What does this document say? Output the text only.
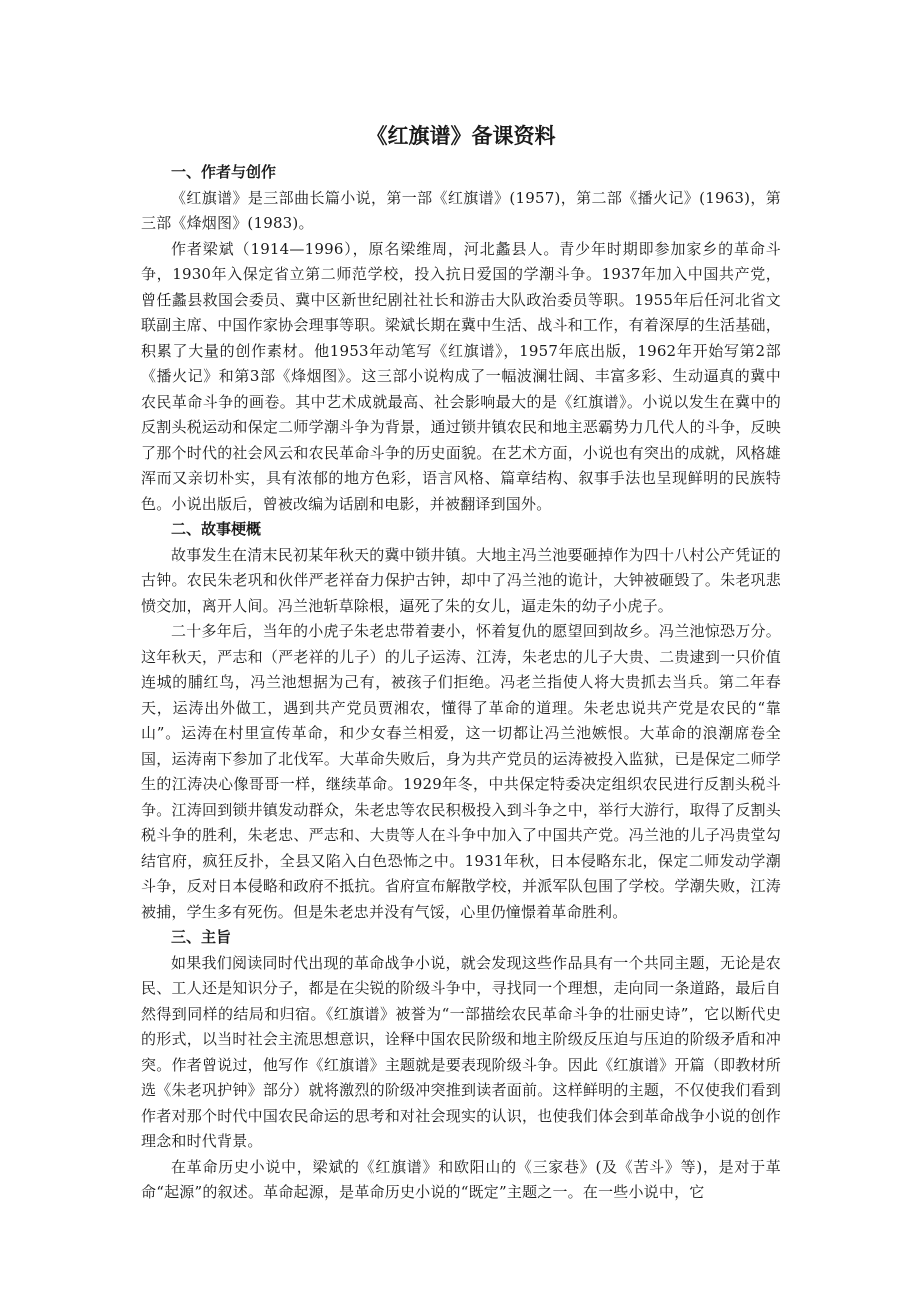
《红旗谱》备课资料
一、作者与创作

《红旗谱》是三部曲长篇小说，第一部《红旗谱》(1957)，第二部《播火记》(1963)，第三部《烽烟图》(1983)。

作者梁斌（1914—1996），原名梁维周，河北蠡县人。青少年时期即参加家乡的革命斗争，1930年入保定省立第二师范学校，投入抗日爱国的学潮斗争。1937年加入中国共产党，曾任蠡县救国会委员、冀中区新世纪剧社社长和游击大队政治委员等职。1955年后任河北省文联副主席、中国作家协会理事等职。梁斌长期在冀中生活、战斗和工作，有着深厚的生活基础，积累了大量的创作素材。他1953年动笔写《红旗谱》，1957年底出版，1962年开始写第2部《播火记》和第3部《烽烟图》。这三部小说构成了一幅波澜壮阔、丰富多彩、生动逼真的冀中农民革命斗争的画卷。其中艺术成就最高、社会影响最大的是《红旗谱》。小说以发生在冀中的反割头税运动和保定二师学潮斗争为背景，通过锁井镇农民和地主恶霸势力几代人的斗争，反映了那个时代的社会风云和农民革命斗争的历史面貌。在艺术方面，小说也有突出的成就，风格雄浑而又亲切朴实，具有浓郁的地方色彩，语言风格、篇章结构、叙事手法也呈现鲜明的民族特色。小说出版后，曾被改编为话剧和电影，并被翻译到国外。

二、故事梗概

故事发生在清末民初某年秋天的冀中锁井镇。大地主冯兰池要砸掉作为四十八村公产凭证的古钟。农民朱老巩和伙伴严老祥奋力保护古钟，却中了冯兰池的诡计，大钟被砸毁了。朱老巩悲愤交加，离开人间。冯兰池斩草除根，逼死了朱的女儿，逼走朱的幼子小虎子。

二十多年后，当年的小虎子朱老忠带着妻小，怀着复仇的愿望回到故乡。冯兰池惊恐万分。这年秋天，严志和（严老祥的儿子）的儿子运涛、江涛，朱老忠的儿子大贵、二贵逮到一只价值连城的脯红鸟，冯兰池想据为己有，被孩子们拒绝。冯老兰指使人将大贵抓去当兵。第二年春天，运涛出外做工，遇到共产党员贾湘农，懂得了革命的道理。朱老忠说共产党是农民的“靠山”。运涛在村里宣传革命，和少女春兰相爱，这一切都让冯兰池嫉恨。大革命的浪潮席卷全国，运涛南下参加了北伐军。大革命失败后，身为共产党员的运涛被投入监狱，已是保定二师学生的江涛决心像哥哥一样，继续革命。1929年冬，中共保定特委决定组织农民进行反割头税斗争。江涛回到锁井镇发动群众，朱老忠等农民积极投入到斗争之中，举行大游行，取得了反割头税斗争的胜利，朱老忠、严志和、大贵等人在斗争中加入了中国共产党。冯兰池的儿子冯贵堂勾结官府，疯狂反扑，全县又陷入白色恐怖之中。1931年秋，日本侵略东北，保定二师发动学潮斗争，反对日本侵略和政府不抵抗。省府宣布解散学校，并派军队包围了学校。学潮失败，江涛被捕，学生多有死伤。但是朱老忠并没有气馁，心里仍憧憬着革命胜利。

三、主旨

如果我们阅读同时代出现的革命战争小说，就会发现这些作品具有一个共同主题，无论是农民、工人还是知识分子，都是在尖锐的阶级斗争中，寻找同一个理想，走向同一条道路，最后自然得到同样的结局和归宿。《红旗谱》被誉为“一部描绘农民革命斗争的壮丽史诗”，它以断代史的形式，以当时社会主流思想意识，诠释中国农民阶级和地主阶级反压迫与压迫的阶级矛盾和冲突。作者曾说过，他写作《红旗谱》主题就是要表现阶级斗争。因此《红旗谱》开篇（即教材所选《朱老巩护钟》部分）就将激烈的阶级冲突推到读者面前。这样鲜明的主题，不仅使我们看到作者对那个时代中国农民命运的思考和对社会现实的认识，也使我们体会到革命战争小说的创作理念和时代背景。

在革命历史小说中，梁斌的《红旗谱》和欧阳山的《三家巷》(及《苦斗》等)，是对于革命“起源”的叙述。革命起源，是革命历史小说的“既定”主题之一。在一些小说中，它
